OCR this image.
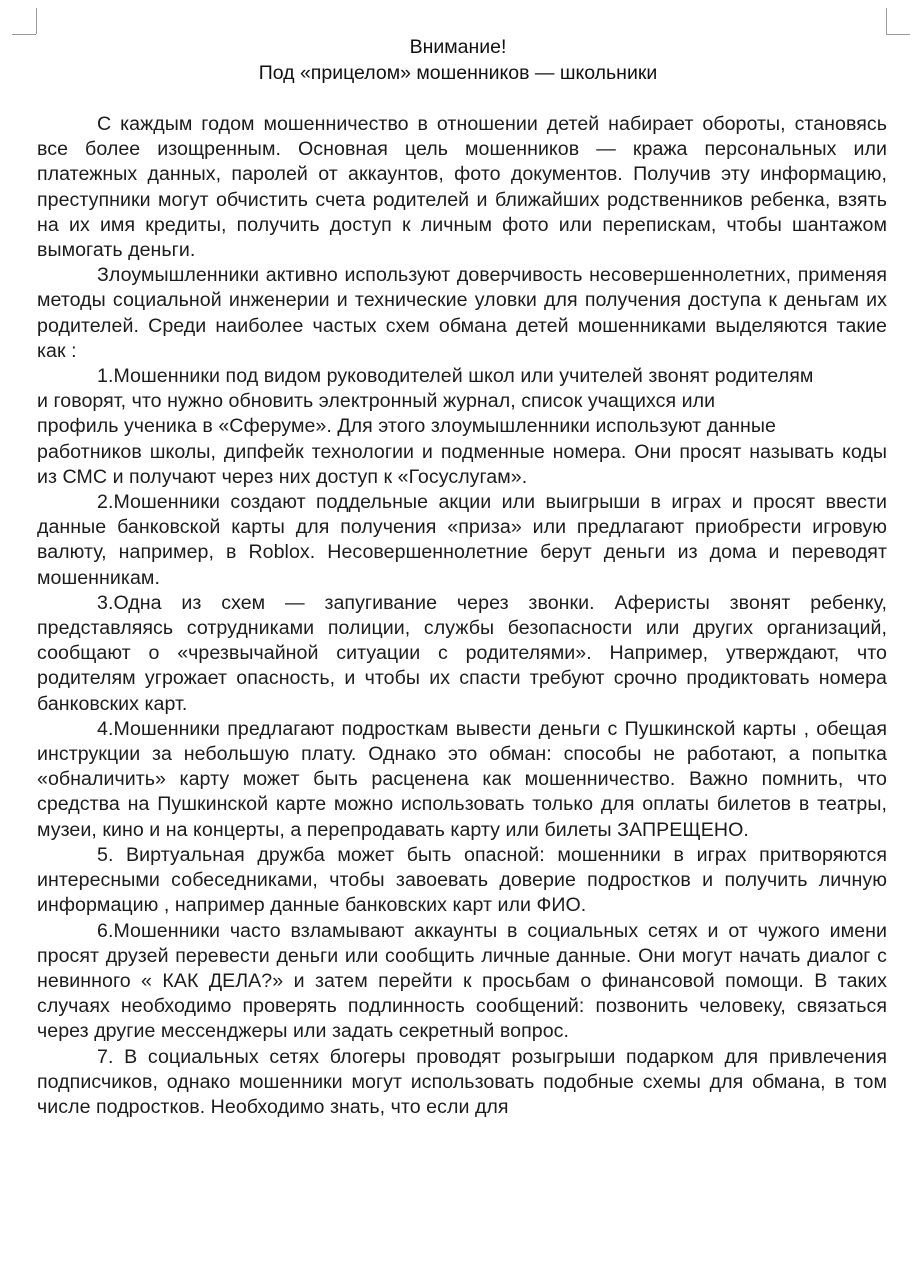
Внимание!
Под «прицелом» мошенников — школьники

С каждым годом мошенничество в отношении детей набирает обороты, становясь все более изощренным. Основная цель мошенников — кража персональных или платежных данных, паролей от аккаунтов, фото документов. Получив эту информацию, преступники могут обчистить счета родителей и ближайших родственников ребенка, взять на их имя кредиты, получить доступ к личным фото или перепискам, чтобы шантажом вымогать деньги.

Злоумышленники активно используют доверчивость несовершеннолетних, применяя методы социальной инженерии и технические уловки для получения доступа к деньгам их родителей. Среди наиболее частых схем обмана детей мошенниками выделяются такие как :

1.Мошенники под видом руководителей школ или учителей звонят родителям

и говорят, что нужно обновить электронный журнал, список учащихся или

профиль ученика в «Сферуме». Для этого злоумышленники используют данные

работников школы, дипфейк технологии и подменные номера. Они просят называть коды из СМС и получают через них доступ к «Госуслугам».

2.Мошенники создают поддельные акции или выигрыши в играх и просят ввести данные банковской карты для получения «приза» или предлагают приобрести игровую валюту, например, в Roblox. Несовершеннолетние берут деньги из дома и переводят мошенникам.

3.Одна из схем — запугивание через звонки. Аферисты звонят ребенку, представляясь сотрудниками полиции, службы безопасности или других организаций, сообщают о «чрезвычайной ситуации с родителями». Например, утверждают, что родителям угрожает опасность, и чтобы их спасти требуют срочно продиктовать номера банковских карт.

4.Мошенники предлагают подросткам вывести деньги с Пушкинской карты , обещая инструкции за небольшую плату. Однако это обман: способы не работают, а попытка «обналичить» карту может быть расценена как мошенничество. Важно помнить, что средства на Пушкинской карте можно использовать только для оплаты билетов в театры, музеи, кино и на концерты, а перепродавать карту или билеты ЗАПРЕЩЕНО.

5. Виртуальная дружба может быть опасной: мошенники в играх притворяются интересными собеседниками, чтобы завоевать доверие подростков и получить личную информацию , например данные банковских карт или ФИО.

6.Мошенники часто взламывают аккаунты в социальных сетях и от чужого имени просят друзей перевести деньги или сообщить личные данные. Они могут начать диалог с невинного « КАК ДЕЛА?» и затем перейти к просьбам о финансовой помощи. В таких случаях необходимо проверять подлинность сообщений: позвонить человеку, связаться через другие мессенджеры или задать секретный вопрос.

7. В социальных сетях блогеры проводят розыгрыши подарком для привлечения подписчиков, однако мошенники могут использовать подобные схемы для обмана, в том числе подростков. Необходимо знать, что если для
